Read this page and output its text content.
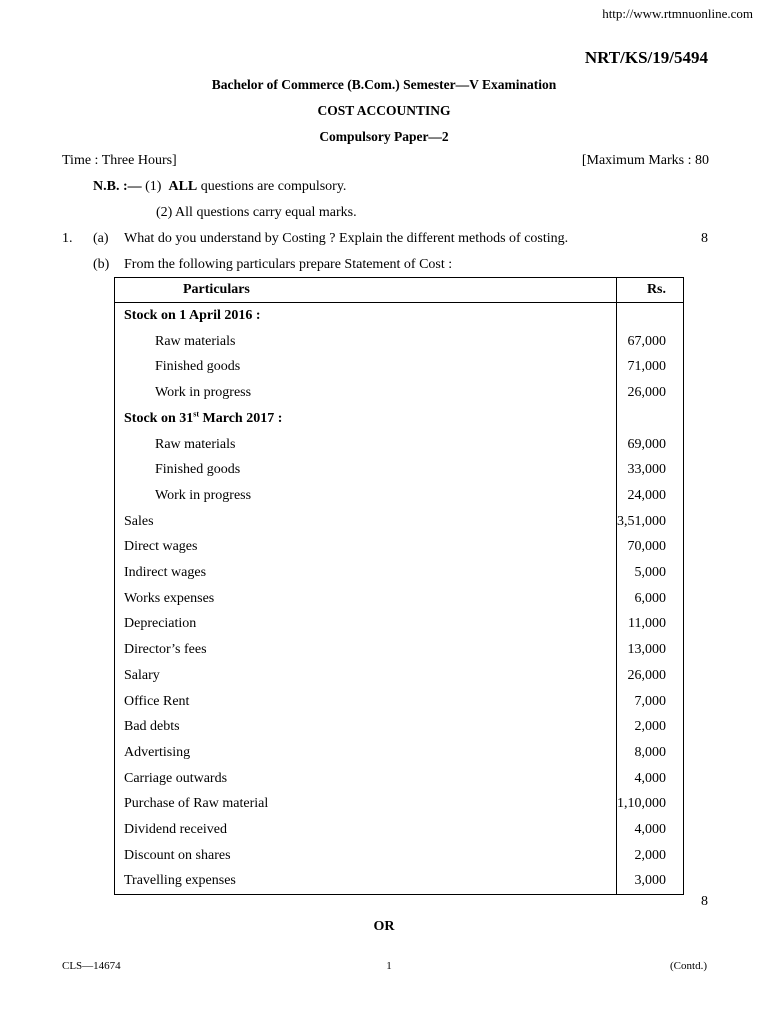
http://www.rtmnuonline.com
NRT/KS/19/5494
Bachelor of Commerce (B.Com.) Semester—V Examination
COST ACCOUNTING
Compulsory Paper—2
Time : Three Hours]	[Maximum Marks : 80
N.B. :— (1) ALL questions are compulsory.
(2) All questions carry equal marks.
1. (a) What do you understand by Costing ? Explain the different methods of costing.	8
(b) From the following particulars prepare Statement of Cost :
Particulars	Rs.
Stock on 1 April 2016 :	
Raw materials	67,000
Finished goods	71,000
Work in progress	26,000
Stock on 31st March 2017 :	
Raw materials	69,000
Finished goods	33,000
Work in progress	24,000
Sales	3,51,000
Direct wages	70,000
Indirect wages	5,000
Works expenses	6,000
Depreciation	11,000
Director’s fees	13,000
Salary	26,000
Office Rent	7,000
Bad debts	2,000
Advertising	8,000
Carriage outwards	4,000
Purchase of Raw material	1,10,000
Dividend received	4,000
Discount on shares	2,000
Travelling expenses	3,000
8
OR
CLS—14674	1	(Contd.)
